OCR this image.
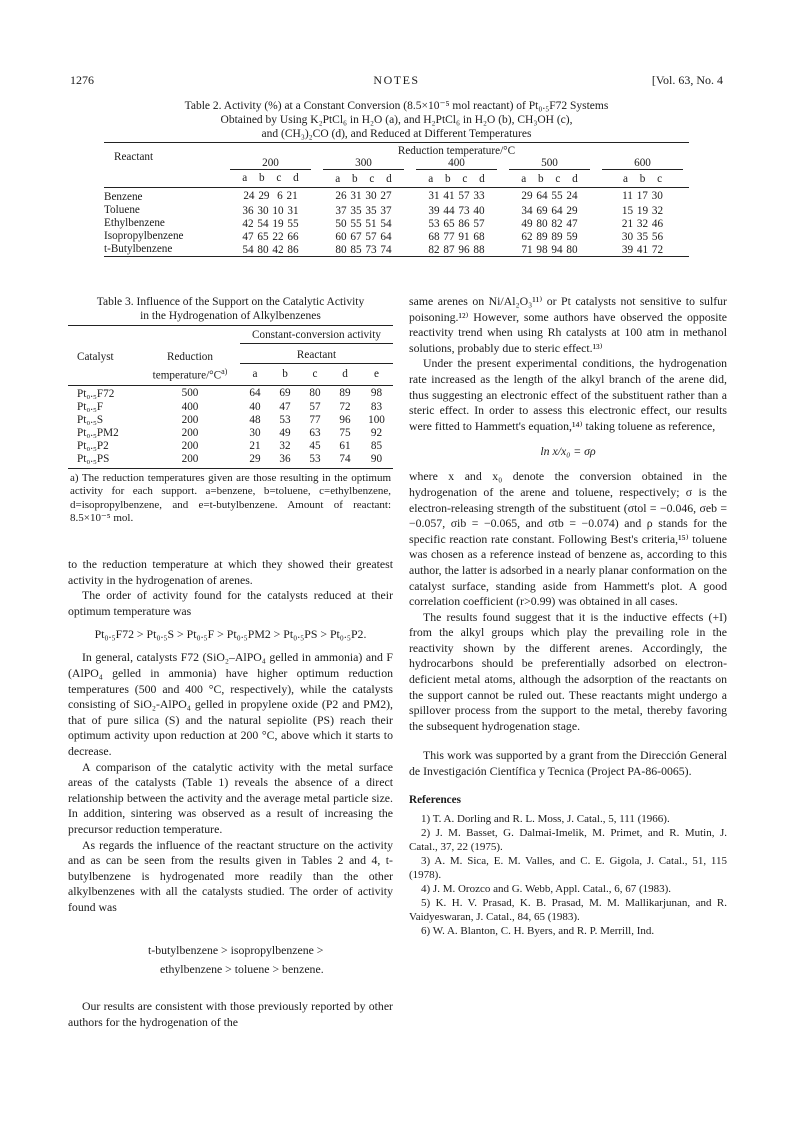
1276	NOTES	[Vol. 63, No. 4
Table 2. Activity (%) at a Constant Conversion (8.5×10⁻⁵ mol reactant) of Pt₀.₅F72 Systems
Obtained by Using K₂PtCl₆ in H₂O (a), and H₂PtCl₆ in H₂O (b), CH₃OH (c),
and (CH₃)₂CO (d), and Reduced at Different Temperatures
Reactant	Reduction temperature/°C				

	200	300	400	500	600

	a b c d	a b c d	a b c d	a b c d	a b c
Benzene	24 29  6 21	26 31 30 27	31 41 57 33	29 64 55 24	11 17 30
Toluene	36 30 10 31	37 35 35 37	39 44 73 40	34 69 64 29	15 19 32
Ethylbenzene	42 54 19 55	50 55 51 54	53 65 86 57	49 80 82 47	21 32 46
Isopropylbenzene	47 65 22 66	60 67 57 64	68 77 91 68	62 89 89 59	30 35 56
t-Butylbenzene	54 80 42 86	80 85 73 74	82 87 96 88	71 98 94 80	39 41 72
Table 3. Influence of the Support on the Catalytic Activity
in the Hydrogenation of Alkylbenzenes

		Constant-conversion activity				

Catalyst	Reduction	Reactant				

	temperature/$^\circ C^{a)}$	a	b	c	d	e
Pt₀.₅F72	500	64	69	80	89	98
Pt₀.₅F	400	40	47	57	72	83
Pt₀.₅S	200	48	53	77	96	100
Pt₀.₅PM2	200	30	49	63	75	92
Pt₀.₅P2	200	21	32	45	61	85
Pt₀.₅PS	200	29	36	53	74	90
a) The reduction temperatures given are those resulting in the optimum activity for each support. a=benzene, b=toluene, c=ethylbenzene, d=isopropylbenzene, and e=t-butylbenzene. Amount of reactant: 8.5×10⁻⁵ mol.

to the reduction temperature at which they showed their greatest activity in the hydrogenation of arenes.

The order of activity found for the catalysts reduced at their optimum temperature was

Pt₀.₅F72 > Pt₀.₅S > Pt₀.₅F > Pt₀.₅PM2 > Pt₀.₅PS > Pt₀.₅P2.

In general, catalysts F72 (SiO₂–AlPO₄ gelled in ammonia) and F (AlPO₄ gelled in ammonia) have higher optimum reduction temperatures (500 and 400 °C, respectively), while the catalysts consisting of SiO₂-AlPO₄ gelled in propylene oxide (P2 and PM2), that of pure silica (S) and the natural sepiolite (PS) reach their optimum activity upon reduction at 200 °C, above which it starts to decrease.

A comparison of the catalytic activity with the metal surface areas of the catalysts (Table 1) reveals the absence of a direct relationship between the activity and the average metal particle size. In addition, sintering was observed as a result of increasing the precursor reduction temperature.

As regards the influence of the reactant structure on the activity and as can be seen from the results given in Tables 2 and 4, t-butylbenzene is hydrogenated more readily than the other alkylbenzenes with all the catalysts studied. The order of activity found was

t-butylbenzene > isopropylbenzene >
ethylbenzene > toluene > benzene.

Our results are consistent with those previously reported by other authors for the hydrogenation of the

same arenes on Ni/Al₂O₃¹¹⁾ or Pt catalysts not sensitive to sulfur poisoning.¹²⁾ However, some authors have observed the opposite reactivity trend when using Rh catalysts at 100 atm in methanol solutions, probably due to steric effect.¹³⁾

Under the present experimental conditions, the hydrogenation rate increased as the length of the alkyl branch of the arene did, thus suggesting an electronic effect of the substituent rather than a steric effect. In order to assess this electronic effect, our results were fitted to Hammett's equation,¹⁴⁾ taking toluene as reference,

ln x/x₀ = σρ

where x and x₀ denote the conversion obtained in the hydrogenation of the arene and toluene, respectively; σ is the electron-releasing strength of the substituent (σtol = −0.046, σeb = −0.057, σib = −0.065, and σtb = −0.074) and ρ stands for the specific reaction rate constant. Following Best's criteria,¹⁵⁾ toluene was chosen as a reference instead of benzene as, according to this author, the latter is adsorbed in a nearly planar conformation on the catalyst surface, standing aside from Hammett's plot. A good correlation coefficient (r>0.99) was obtained in all cases.

The results found suggest that it is the inductive effects (+I) from the alkyl groups which play the prevailing role in the reactivity shown by the different arenes. Accordingly, the hydrocarbons should be preferentially adsorbed on electron-deficient metal atoms, although the adsorption of the reactants on the support cannot be ruled out. These reactants might undergo a spillover process from the support to the metal, thereby favoring the subsequent hydrogenation stage.

This work was supported by a grant from the Dirección General de Investigación Científica y Tecnica (Project PA-86-0065).

References
1) T. A. Dorling and R. L. Moss, J. Catal., 5, 111 (1966).
2) J. M. Basset, G. Dalmai-Imelik, M. Primet, and R. Mutin, J. Catal., 37, 22 (1975).
3) A. M. Sica, E. M. Valles, and C. E. Gigola, J. Catal., 51, 115 (1978).
4) J. M. Orozco and G. Webb, Appl. Catal., 6, 67 (1983).
5) K. H. V. Prasad, K. B. Prasad, M. M. Mallikarjunan, and R. Vaidyeswaran, J. Catal., 84, 65 (1983).
6) W. A. Blanton, C. H. Byers, and R. P. Merrill, Ind.
